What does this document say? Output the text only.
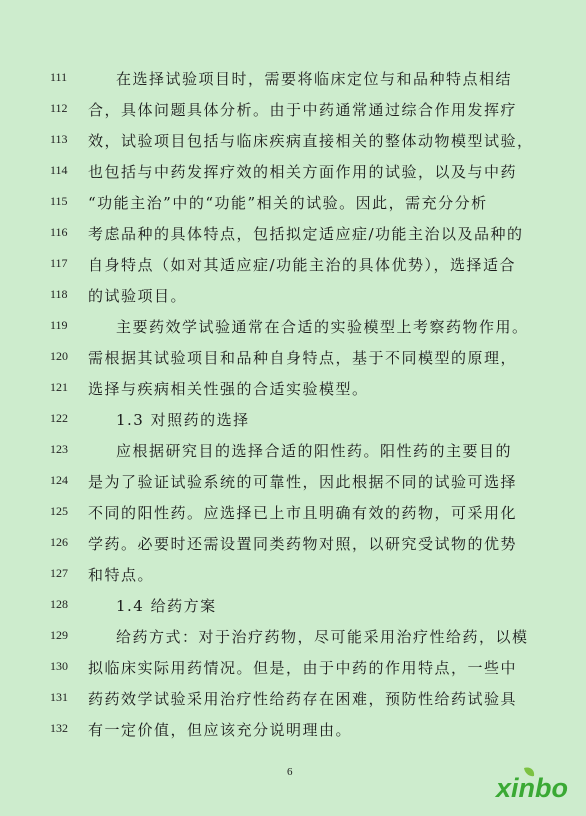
111	在选择试验项目时，需要将临床定位与和品种特点相结
112	合，具体问题具体分析。由于中药通常通过综合作用发挥疗
113	效，试验项目包括与临床疾病直接相关的整体动物模型试验，
114	也包括与中药发挥疗效的相关方面作用的试验，以及与中药
115	“功能主治”中的“功能”相关的试验。因此，需充分分析
116	考虑品种的具体特点，包括拟定适应症/功能主治以及品种的
117	自身特点（如对其适应症/功能主治的具体优势），选择适合
118	的试验项目。
119	主要药效学试验通常在合适的实验模型上考察药物作用。
120	需根据其试验项目和品种自身特点，基于不同模型的原理，
121	选择与疾病相关性强的合适实验模型。
122	1.3 对照药的选择
123	应根据研究目的选择合适的阳性药。阳性药的主要目的
124	是为了验证试验系统的可靠性，因此根据不同的试验可选择
125	不同的阳性药。应选择已上市且明确有效的药物，可采用化
126	学药。必要时还需设置同类药物对照，以研究受试物的优势
127	和特点。
128	1.4 给药方案
129	给药方式：对于治疗药物，尽可能采用治疗性给药，以模
130	拟临床实际用药情况。但是，由于中药的作用特点，一些中
131	药药效学试验采用治疗性给药存在困难，预防性给药试验具
132	有一定价值，但应该充分说明理由。
6
xinbo
